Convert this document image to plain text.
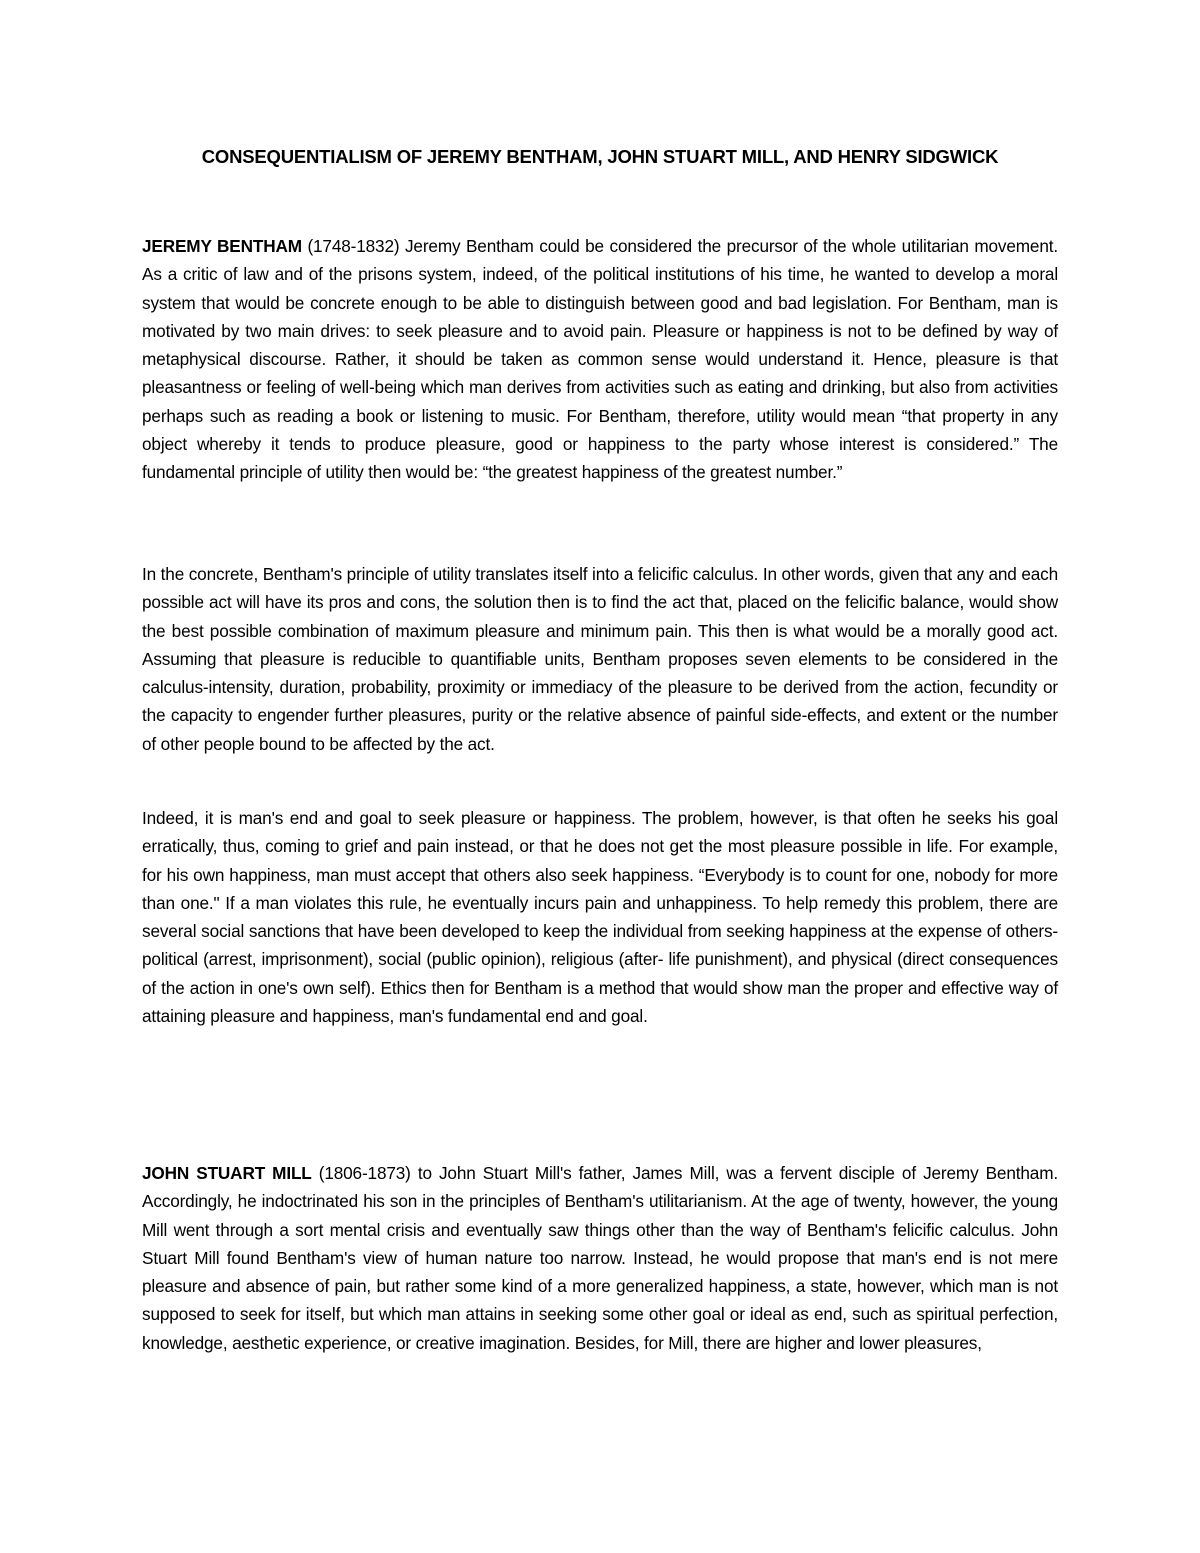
CONSEQUENTIALISM OF JEREMY BENTHAM, JOHN STUART MILL, AND HENRY SIDGWICK

JEREMY BENTHAM (1748-1832) Jeremy Bentham could be considered the precursor of the whole utilitarian movement. As a critic of law and of the prisons system, indeed, of the political institutions of his time, he wanted to develop a moral system that would be concrete enough to be able to distinguish between good and bad legislation. For Bentham, man is motivated by two main drives: to seek pleasure and to avoid pain. Pleasure or happiness is not to be defined by way of metaphysical discourse. Rather, it should be taken as common sense would understand it. Hence, pleasure is that pleasantness or feeling of well-being which man derives from activities such as eating and drinking, but also from activities perhaps such as reading a book or listening to music. For Bentham, therefore, utility would mean “that property in any object whereby it tends to produce pleasure, good or happiness to the party whose interest is considered.” The fundamental principle of utility then would be: “the greatest happiness of the greatest number.”

In the concrete, Bentham's principle of utility translates itself into a felicific calculus. In other words, given that any and each possible act will have its pros and cons, the solution then is to find the act that, placed on the felicific balance, would show the best possible combination of maximum pleasure and minimum pain. This then is what would be a morally good act. Assuming that pleasure is reducible to quantifiable units, Bentham proposes seven elements to be considered in the calculus-intensity, duration, probability, proximity or immediacy of the pleasure to be derived from the action, fecundity or the capacity to engender further pleasures, purity or the relative absence of painful side-effects, and extent or the number of other people bound to be affected by the act.

Indeed, it is man's end and goal to seek pleasure or happiness. The problem, however, is that often he seeks his goal erratically, thus, coming to grief and pain instead, or that he does not get the most pleasure possible in life. For example, for his own happiness, man must accept that others also seek happiness. “Everybody is to count for one, nobody for more than one." If a man violates this rule, he eventually incurs pain and unhappiness. To help remedy this problem, there are several social sanctions that have been developed to keep the individual from seeking happiness at the expense of others-political (arrest, imprisonment), social (public opinion), religious (after- life punishment), and physical (direct consequences of the action in one's own self). Ethics then for Bentham is a method that would show man the proper and effective way of attaining pleasure and happiness, man's fundamental end and goal.

JOHN STUART MILL (1806-1873) to John Stuart Mill's father, James Mill, was a fervent disciple of Jeremy Bentham. Accordingly, he indoctrinated his son in the principles of Bentham's utilitarianism. At the age of twenty, however, the young Mill went through a sort mental crisis and eventually saw things other than the way of Bentham's felicific calculus. John Stuart Mill found Bentham's view of human nature too narrow. Instead, he would propose that man's end is not mere pleasure and absence of pain, but rather some kind of a more generalized happiness, a state, however, which man is not supposed to seek for itself, but which man attains in seeking some other goal or ideal as end, such as spiritual perfection, knowledge, aesthetic experience, or creative imagination. Besides, for Mill, there are higher and lower pleasures,
